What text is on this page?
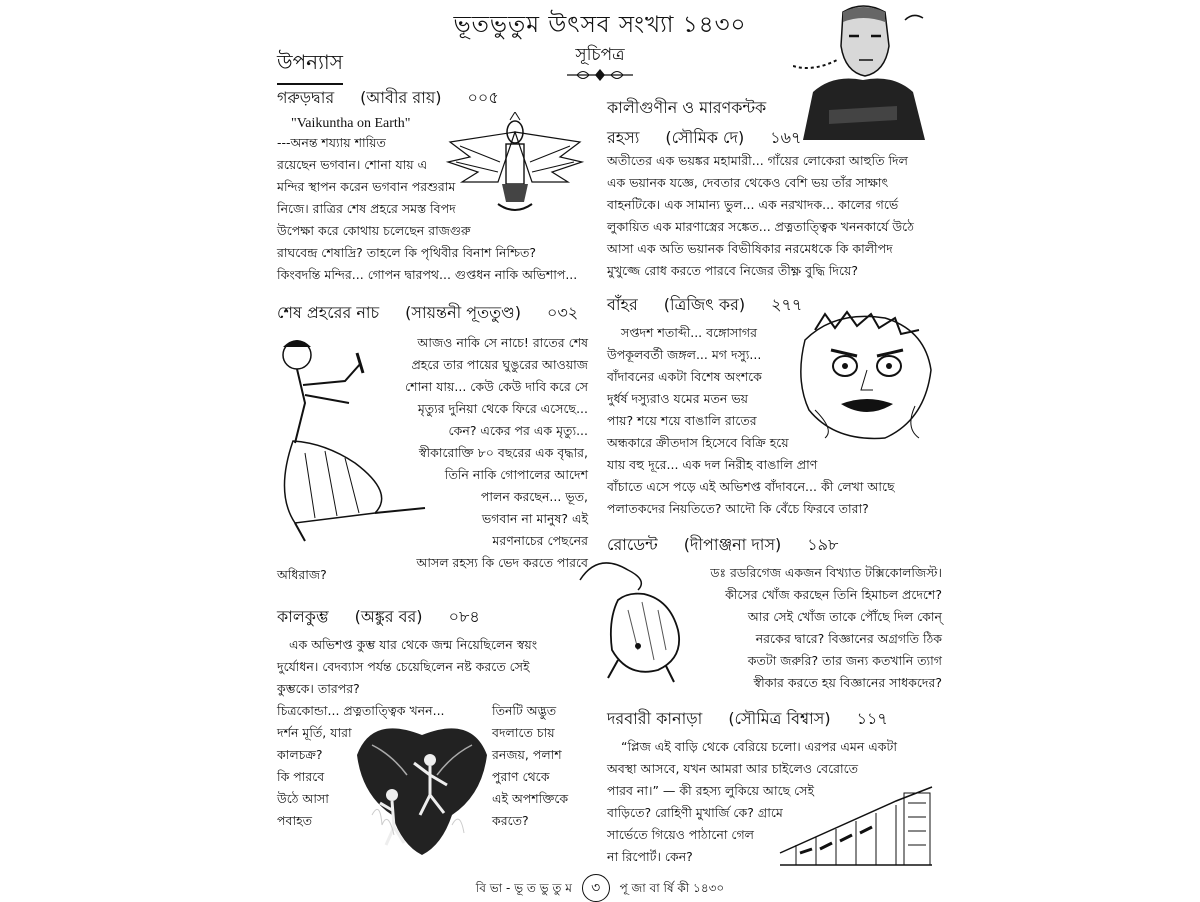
ভূতভুতুম উৎসব সংখ্যা ১৪৩০
সূচিপত্র
উপন্যাস
গরুড়দ্বার (আবীর রায়) ০০৫
"Vaikuntha on Earth"

---অনন্ত শয্যায় শায়িত

রয়েছেন ভগবান। শোনা যায় এ

মন্দির স্থাপন করেন ভগবান পরশুরাম

নিজে। রাত্রির শেষ প্রহরে সমস্ত বিপদ

উপেক্ষা করে কোথায় চলেছেন রাজগুরু

রাঘবেন্দ্র শেষাদ্রি? তাহলে কি পৃথিবীর বিনাশ নিশ্চিত?

কিংবদন্তি মন্দির... গোপন দ্বারপথ... গুপ্তধন নাকি অভিশাপ...

শেষ প্রহরের নাচ (সায়ন্তনী পূততুণ্ড) ০৩২

আজও নাকি সে নাচে! রাতের শেষ

প্রহরে তার পায়ের ঘুঙুরের আওয়াজ

শোনা যায়... কেউ কেউ দাবি করে সে

মৃত্যুর দুনিয়া থেকে ফিরে এসেছে...

কেন? একের পর এক মৃত্যু...

স্বীকারোক্তি ৮০ বছরের এক বৃদ্ধার,

তিনি নাকি গোপালের আদেশ

পালন করছেন... ভূত,

ভগবান না মানুষ? এই

মরণনাচের পেছনের

আসল রহস্য কি ভেদ করতে পারবে

অধিরাজ?
কালকুম্ভ (অঙ্কুর বর) ০৮৪

এক অভিশপ্ত কুম্ভ যার থেকে জন্ম নিয়েছিলেন স্বয়ং

দুর্যোধন। বেদব্যাস পর্যন্ত চেয়েছিলেন নষ্ট করতে সেই

কুম্ভকে। তারপর?

চিত্রকোন্ডা... প্রত্নতাত্ত্বিক খনন...

দর্শন মূর্তি, যারা

কালচক্র?

কি পারবে

উঠে আসা

পবাহত

তিনটি অদ্ভুত

বদলাতে চায়

রনজয়, পলাশ

পুরাণ থেকে

এই অপশক্তিকে

করতে?

কালীগুণীন ও মারণকন্টক
রহস্য (সৌমিক দে) ১৬৭

অতীতের এক ভয়ঙ্কর মহামারী... গাঁয়ের লোকেরা আহুতি দিল

এক ভয়ানক যজ্ঞে, দেবতার থেকেও বেশি ভয় তাঁর সাক্ষাৎ

বাহনটিকে। এক সামান্য ভুল... এক নরখাদক... কালের গর্ভে

লুকায়িত এক মারণাস্ত্রের সঙ্কেত... প্রত্নতাত্ত্বিক খননকার্যে উঠে

আসা এক অতি ভয়ানক বিভীষিকার নরমেধকে কি কালীপদ

মুখুজ্জে রোধ করতে পারবে নিজের তীক্ষ্ণ বুদ্ধি দিয়ে?

বাঁহর (ত্রিজিৎ কর) ২৭৭

সপ্তদশ শতাব্দী... বঙ্গোসাগর

উপকূলবর্তী জঙ্গল... মগ দস্যু...

বাঁদাবনের একটা বিশেষ অংশকে

দুর্ধর্ষ দস্যুরাও যমের মতন ভয়

পায়? শয়ে শয়ে বাঙালি রাতের

অন্ধকারে ক্রীতদাস হিসেবে বিক্রি হয়ে

যায় বহু দূরে... এক দল নিরীহ বাঙালি প্রাণ

বাঁচাতে এসে পড়ে এই অভিশপ্ত বাঁদাবনে... কী লেখা আছে

পলাতকদের নিয়তিতে? আদৌ কি বেঁচে ফিরবে তারা?

রোডেন্ট (দীপাঞ্জনা দাস) ১৯৮

ডঃ রডরিগেজ একজন বিখ্যাত টক্সিকোলজিস্ট।

কীসের খোঁজ করছেন তিনি হিমাচল প্রদেশে?

আর সেই খোঁজ তাকে পৌঁছে দিল কোন্

নরকের দ্বারে? বিজ্ঞানের অগ্রগতি ঠিক

কতটা জরুরি? তার জন্য কতখানি ত্যাগ

স্বীকার করতে হয় বিজ্ঞানের সাধকদের?

দরবারী কানাড়া (সৌমিত্র বিশ্বাস) ১১৭

“প্লিজ এই বাড়ি থেকে বেরিয়ে চলো। এরপর এমন একটা

অবস্থা আসবে, যখন আমরা আর চাইলেও বেরোতে

পারব না।” — কী রহস্য লুকিয়ে আছে সেই

বাড়িতে? রোহিণী মুখার্জি কে? গ্রামে

সার্ভেতে গিয়েও পাঠানো গেল

না রিপোর্ট। কেন?

বি ভা - ভূ ত ভু তু ম ৩ পূ জা বা র্ষি কী ১৪৩০
